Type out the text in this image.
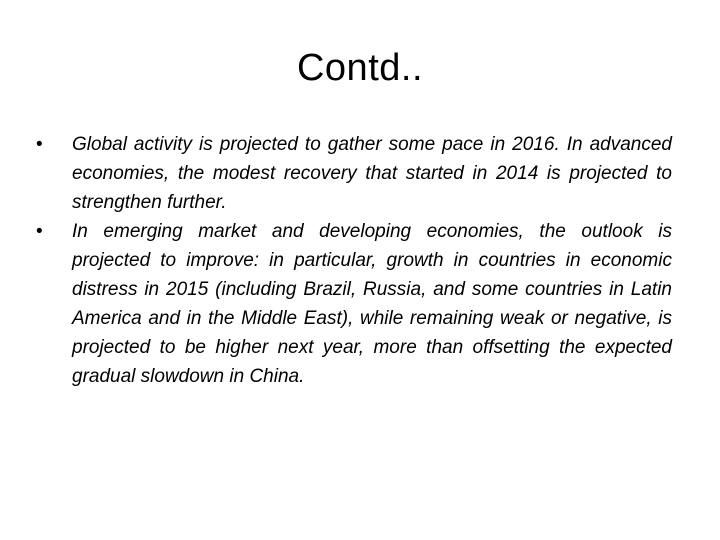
Contd..
• Global activity is projected to gather some pace in 2016. In advanced economies, the modest recovery that started in 2014 is projected to strengthen further.
• In emerging market and developing economies, the outlook is projected to improve: in particular, growth in countries in economic distress in 2015 (including Brazil, Russia, and some countries in Latin America and in the Middle East), while remaining weak or negative, is projected to be higher next year, more than offsetting the expected gradual slowdown in China.
